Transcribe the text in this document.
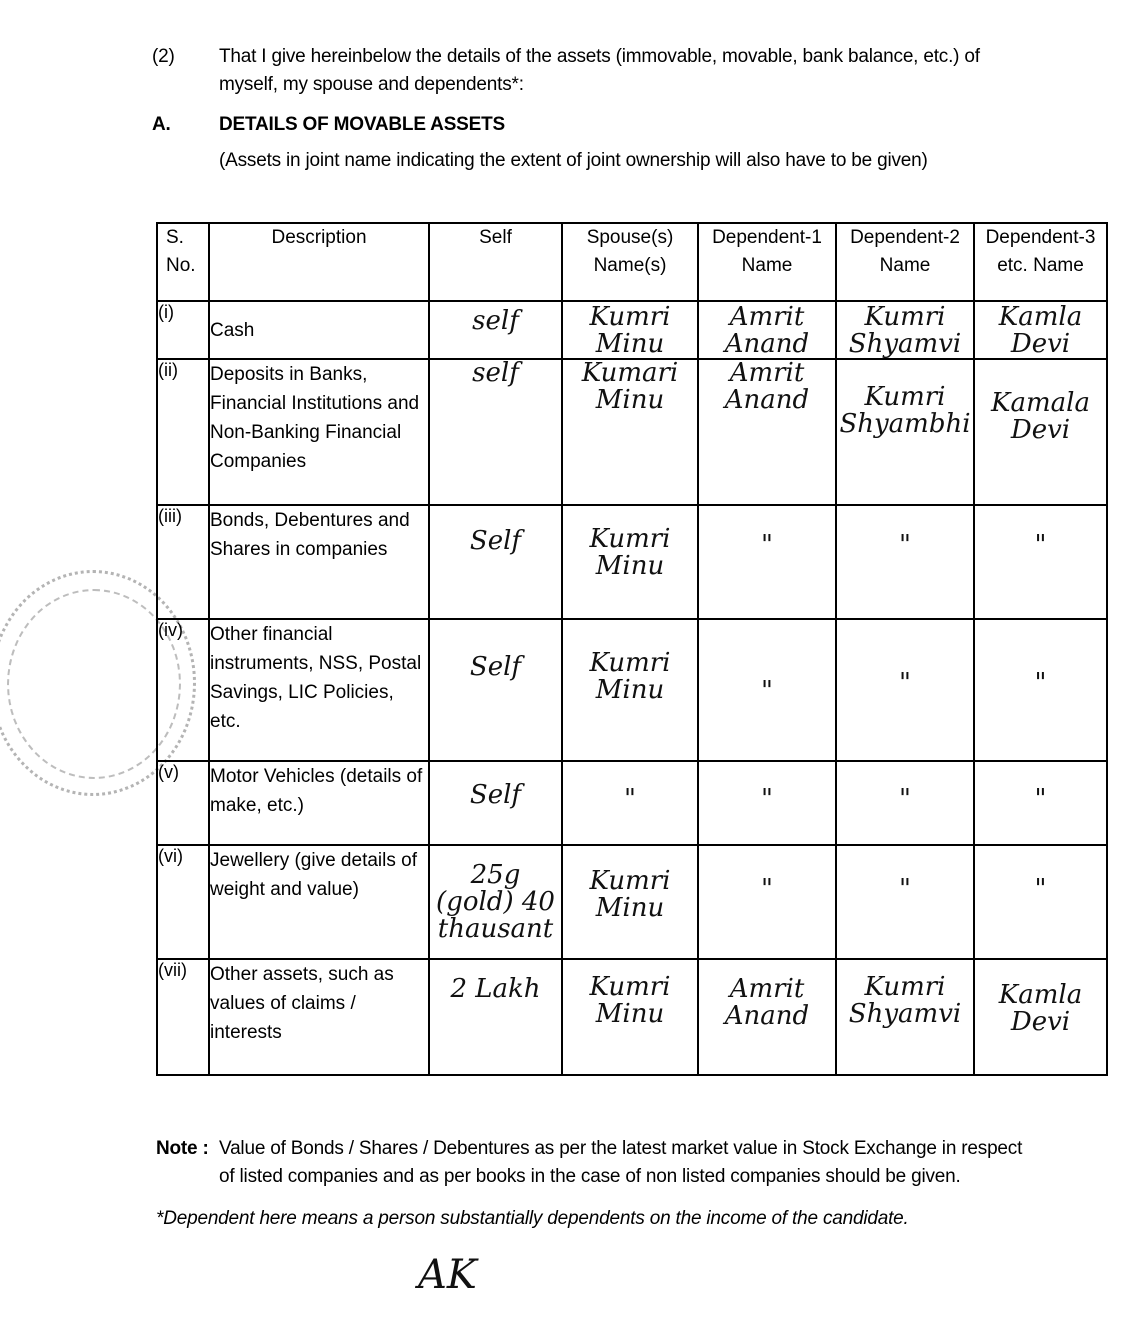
(2) That I give hereinbelow the details of the assets (immovable, movable, bank balance, etc.) of
myself, my spouse and dependents*:
A.	DETAILS OF MOVABLE ASSETS
(Assets in joint name indicating the extent of joint ownership will also have to be given)
S. No.	Description	Self	Spouse(s) Name(s)	Dependent-1 Name	Dependent-2 Name	Dependent-3 etc. Name
(i)	Cash	self	Kumri Minu	Amrit Anand	Kumri Shyamvi	Kamla Devi
(ii)	Deposits in Banks, Financial Institutions and Non-Banking Financial Companies	self	Kumari Minu	Amrit Anand	Kumri Shyambhi	Kamala Devi
(iii)	Bonds, Debentures and Shares in companies	Self	Kumri Minu	"	"	"
(iv)	Other financial instruments, NSS, Postal Savings, LIC Policies, etc.	Self	Kumri Minu	"	"	"
(v)	Motor Vehicles (details of make, etc.)	Self	"	"	"	"
(vi)	Jewellery (give details of weight and value)	25g (gold) 40 thausant	Kumri Minu	"	"	"
(vii)	Other assets, such as values of claims / interests	2 Lakh	Kumri Minu	Amrit Anand	Kumri Shyamvi	Kamla Devi
Note : Value of Bonds / Shares / Debentures as per the latest market value in Stock Exchange in respect
of listed companies and as per books in the case of non listed companies should be given.
*Dependent here means a person substantially dependents on the income of the candidate.
AK
